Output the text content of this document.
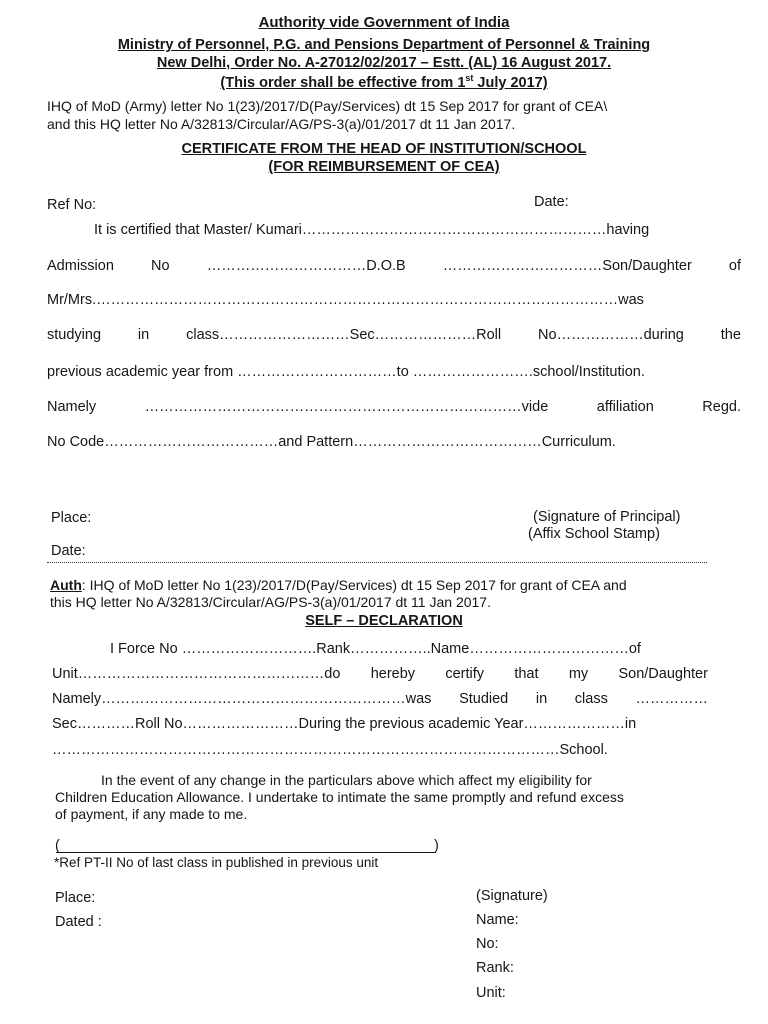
Authority vide Government of India
Ministry of Personnel, P.G. and Pensions Department of Personnel & Training
New Delhi, Order No. A-27012/02/2017 – Estt. (AL) 16 August 2017.
(This order shall be effective from 1st July 2017)
IHQ of MoD (Army) letter No 1(23)/2017/D(Pay/Services) dt 15 Sep 2017 for grant of CEA\
and this HQ letter No A/32813/Circular/AG/PS-3(a)/01/2017 dt 11 Jan 2017.
CERTIFICATE FROM THE HEAD OF INSTITUTION/SCHOOL
(FOR REIMBURSEMENT OF CEA)
Ref No:	Date:
It is certified that Master/ Kumari………………………………………………………having
Admission	No	……………………………D.O.B	……………………………Son/Daughter	of
Mr/Mrs.………………………………………………………………………………………………was
studying	in	class………………………Sec…………………Roll	No………………during	the
previous academic year from ……………………………to …………………….school/Institution.
Namely	……………………………………………………………………vide	affiliation	Regd.
No Code………………………………and Pattern…………………………………Curriculum.
Place:	(Signature of Principal)
(Affix School Stamp)
Date:
Auth: IHQ of MoD letter No 1(23)/2017/D(Pay/Services) dt 15 Sep 2017 for grant of CEA and
this HQ letter No A/32813/Circular/AG/PS-3(a)/01/2017 dt 11 Jan 2017.
SELF – DECLARATION
I Force No ……………………….Rank……………..Name……………………………of
Unit……………………………………………do hereby certify that my Son/Daughter
Namely………………………………………………………was Studied in class ……………
Sec…………Roll No……………………During the previous academic Year…………………in
……………………………………………………………………………………………School.
In the event of any change in the particulars above which affect my eligibility for
Children Education Allowance. I undertake to intimate the same promptly and refund excess
of payment, if any made to me.
(	)
*Ref PT-II No of last class in published in previous unit
Place:
Dated :
(Signature)
Name:
No:
Rank:
Unit:
